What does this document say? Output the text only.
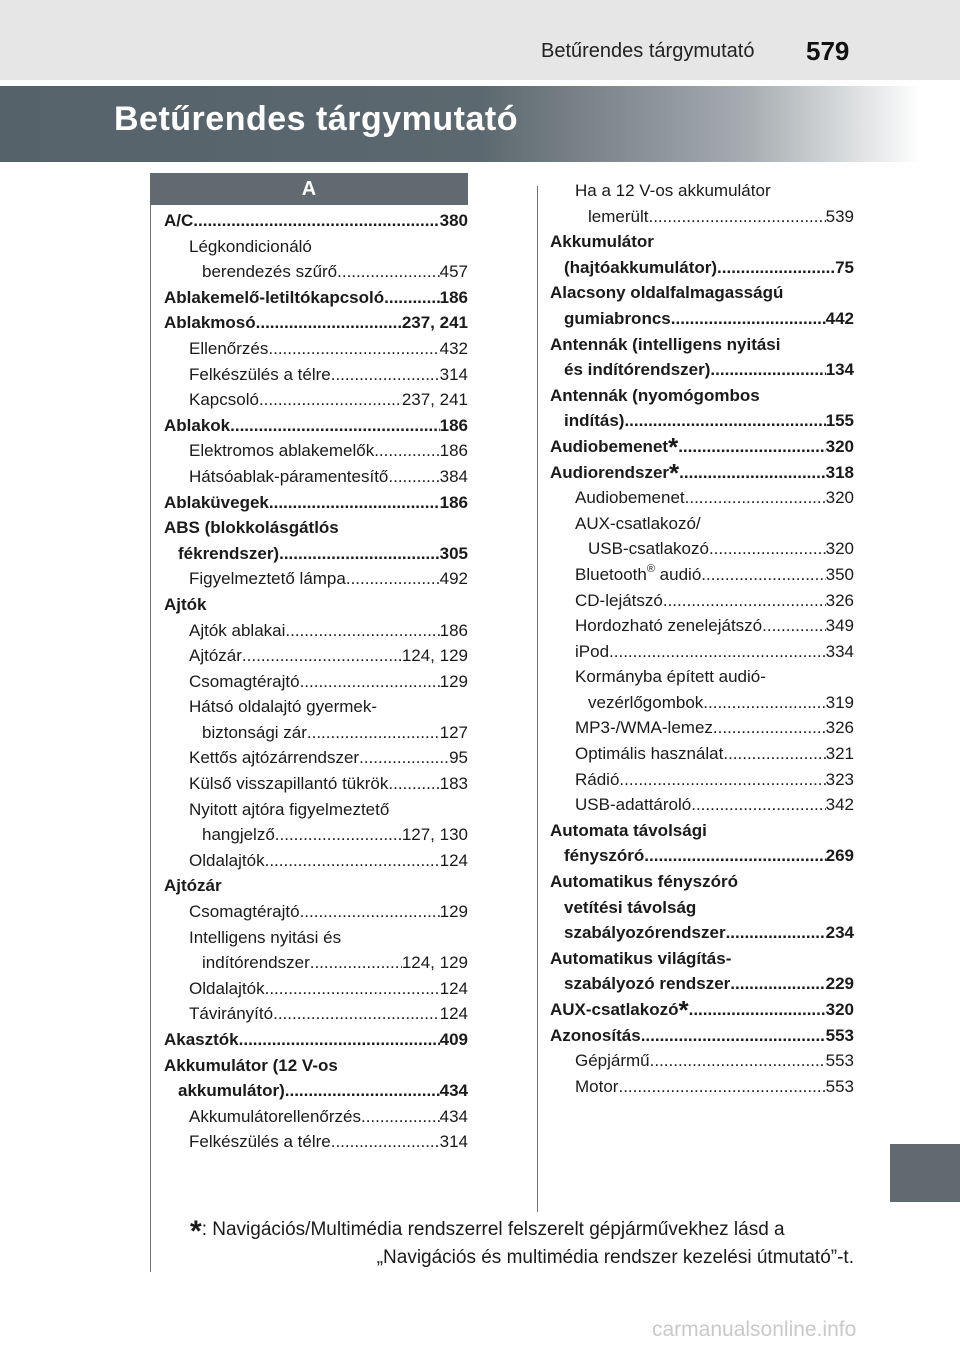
Betűrendes tárgymutató 579
Betűrendes tárgymutató
A
A/C .....	380
Légkondicionáló
berendezés szűrő .....	457
Ablakemelő-letiltókapcsoló .....	186
Ablakmosó .....	237, 241
Ellenőrzés .....	432
Felkészülés a télre .....	314
Kapcsoló .....	237, 241
Ablakok .....	186
Elektromos ablakemelők .....	186
Hátsóablak-páramentesítő .....	384
Ablaküvegek .....	186
ABS (blokkolásgátlós
fékrendszer) .....	305
Figyelmeztető lámpa .....	492
Ajtók
Ajtók ablakai .....	186
Ajtózár .....	124, 129
Csomagtérajtó .....	129
Hátsó oldalajtó gyermek-
biztonsági zár .....	127
Kettős ajtózárrendszer .....	95
Külső visszapillantó tükrök .....	183
Nyitott ajtóra figyelmeztető
hangjelző .....	127, 130
Oldalajtók .....	124
Ajtózár
Csomagtérajtó .....	129
Intelligens nyitási és
indítórendszer .....	124, 129
Oldalajtók .....	124
Távirányító .....	124
Akasztók .....	409
Akkumulátor (12 V-os
akkumulátor) .....	434
Akkumulátorellenőrzés .....	434
Felkészülés a télre .....	314
Ha a 12 V-os akkumulátor
lemerült .....	539
Akkumulátor
(hajtóakkumulátor) .....	75
Alacsony oldalfalmagasságú
gumiabroncs .....	442
Antennák (intelligens nyitási
és indítórendszer) .....	134
Antennák (nyomógombos
indítás) .....	155
Audiobemenet* .....	320
Audiorendszer* .....	318
Audiobemenet .....	320
AUX-csatlakozó/
USB-csatlakozó .....	320
Bluetooth® audió .....	350
CD-lejátszó .....	326
Hordozható zenelejátszó .....	349
iPod .....	334
Kormányba épített audió-
vezérlőgombok .....	319
MP3-/WMA-lemez .....	326
Optimális használat .....	321
Rádió .....	323
USB-adattároló .....	342
Automata távolsági
fényszóró .....	269
Automatikus fényszóró
vetítési távolság
szabályozórendszer .....	234
Automatikus világítás-
szabályozó rendszer .....	229
AUX-csatlakozó* .....	320
Azonosítás .....	553
Gépjármű .....	553
Motor .....	553
*: Navigációs/Multimédia rendszerrel felszerelt gépjárművekhez lásd a
„Navigációs és multimédia rendszer kezelési útmutató”-t.
carmanualsonline.info
